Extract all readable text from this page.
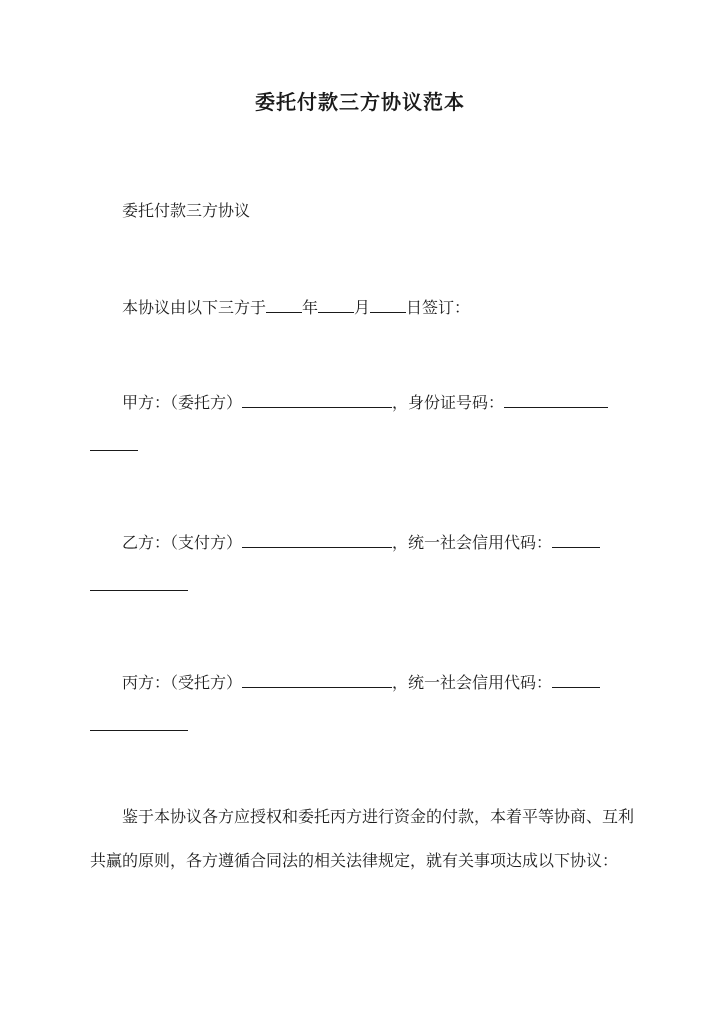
委托付款三方协议范本
委托付款三方协议
本协议由以下三方于 年 月 日签订：
甲方：（委托方）	，身份证号码：
乙方：（支付方）	，统一社会信用代码：
丙方：（受托方）	，统一社会信用代码：
鉴于本协议各方应授权和委托丙方进行资金的付款，本着平等协商、互利共赢的原则，各方遵循合同法的相关法律规定，就有关事项达成以下协议：
